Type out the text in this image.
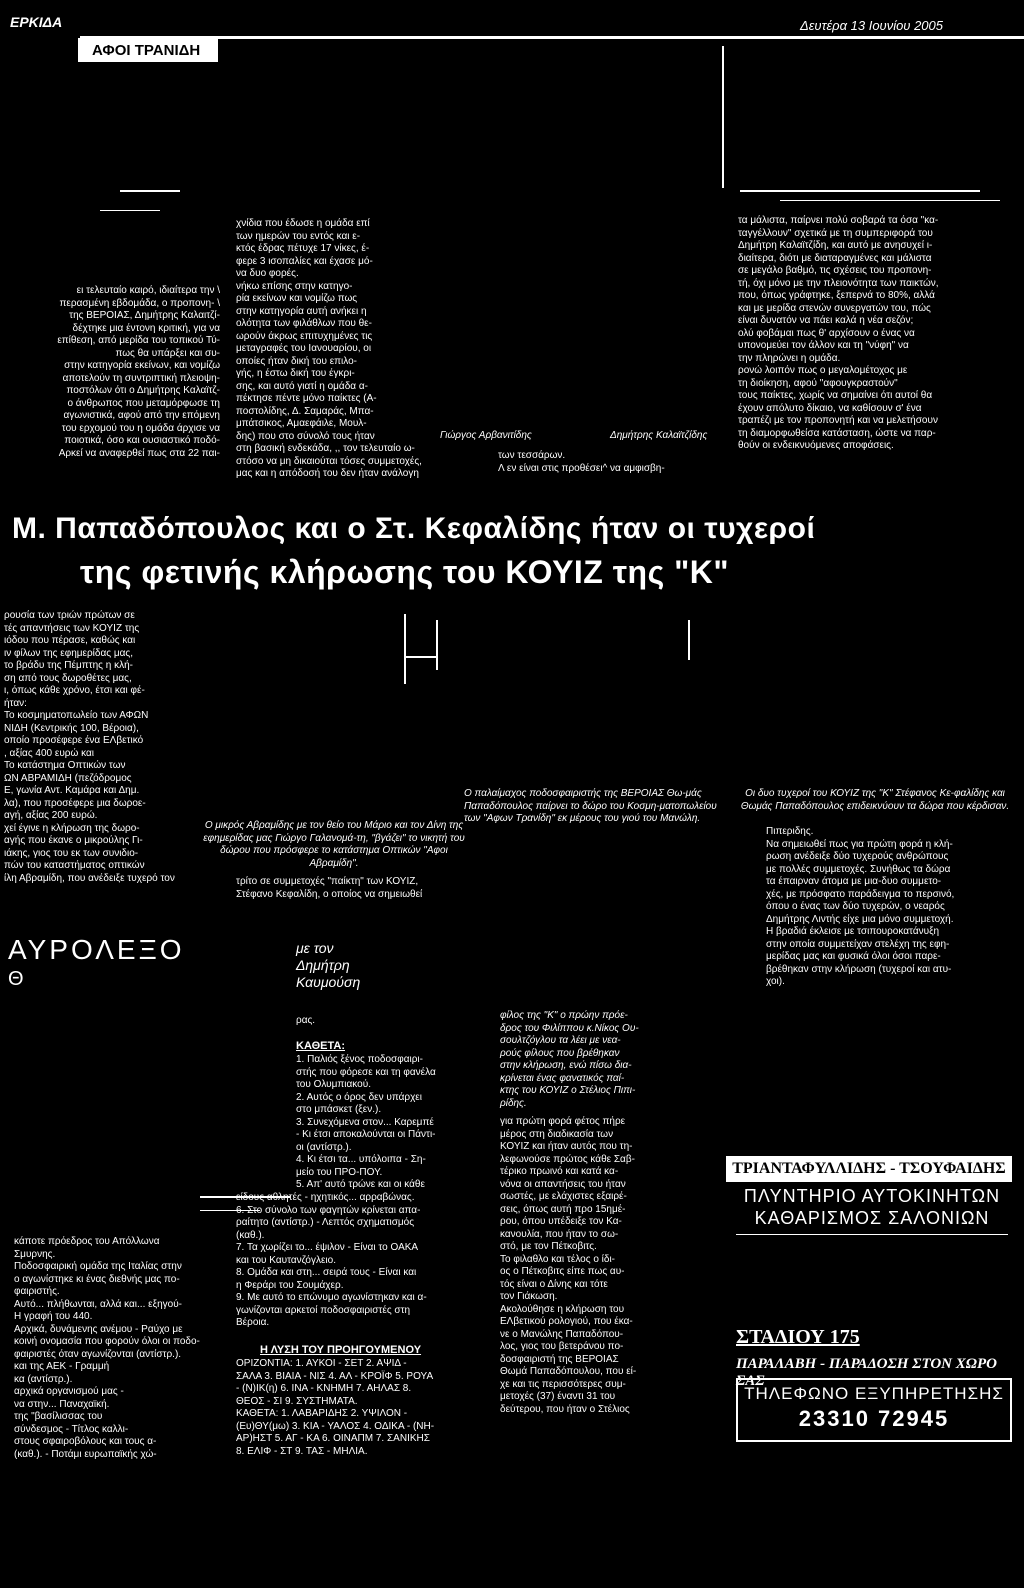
ΕΡΚΙΔΑ	Δευτέρα 13 Ιουνίου 2005
ΑΦΟΙ ΤΡΑΝΙΔΗ
ει τελευταίο καιρό, ιδιαίτερα την \
περασμένη εβδομάδα, ο προπονη- \
της ΒΕΡΟΙΑΣ, Δημήτρης Καλαιτζί-
δέχτηκε μια έντονη κριτική, για να
επίθεση, από μερίδα του τοπικού Τύ-
πως θα υπάρξει και συ-
στην κατηγορία εκείνων, και νομίζω
αποτελούν τη συντριπτική πλειοψη-
ποστόλων ότι ο Δημήτρης Καλαϊτζ-
ο άνθρωπος που μεταμόρφωσε τη
αγωνιστικά, αφού από την επόμενη
του ερχομού του η ομάδα άρχισε να
ποιοτικά, όσο και ουσιαστικό ποδό-
Αρκεί να αναφερθεί πως στα 22 παι-
χνίδια που έδωσε η ομάδα επί
των ημερών του εντός και ε-
κτός έδρας πέτυχε 17 νίκες, έ-
φερε 3 ισοπαλίες και έχασε μό-
να δυο φορές.
νήκω επίσης στην κατηγο-
ρία εκείνων και νομίζω πως
στην κατηγορία αυτή ανήκει η
ολότητα των φιλάθλων που θε-
ωρούν άκρως επιτυχημένες τις
μεταγραφές του Ιανουαρίου, οι
οποίες ήταν δική του επιλο-
γής, η έστω δική του έγκρι-
σης, και αυτό γιατί η ομάδα α-
πέκτησε πέντε μόνο παίκτες (Α-
ποστολίδης, Δ. Σαμαράς, Μπα-
μπάτσικος, Αμαεφάιλε, Μουλ-
δης) που στο σύνολό τους ήταν
στη βασική ενδεκάδα, ,, τον τελευταίο ω-
στόσο να μη δικαιούται τόσες συμμετοχές,
μας και η απόδοσή του δεν ήταν ανάλογη
Γιώργος Αρβανιτίδης	Δημήτρης Καλαϊτζίδης
των τεσσάρων.
Λ εν είναι στις προθέσει^ να αμφισβη-
τα μάλιστα, παίρνει πολύ σοβαρά τα όσα "κα-
ταγγέλλουν" σχετικά με τη συμπεριφορά του
Δημήτρη Καλαϊτζίδη, και αυτό με ανησυχεί ι-
διαίτερα, διότι με διαταραγμένες και μάλιστα
σε μεγάλο βαθμό, τις σχέσεις του προπονη-
τή, όχι μόνο με την πλειονότητα των παικτών,
που, όπως γράφτηκε, ξεπερνά το 80%, αλλά
και με μερίδα στενών συνεργατών του, πώς
είναι δυνατόν να πάει καλά η νέα σεζόν;
ολύ φοβάμαι πως θ' αρχίσουν ο ένας να
υπονομεύει τον άλλον και τη "νύφη" να
την πληρώνει η ομάδα.
ρονώ λοιπόν πως ο μεγαλομέτοχος με
τη διοίκηση, αφού "αφουγκραστούν"
τους παίκτες, χωρίς να σημαίνει ότι αυτοί θα
έχουν απόλυτο δίκαιο, να καθίσουν σ' ένα
τραπέζι με τον προπονητή και να μελετήσουν
τη διαμορφωθείσα κατάσταση, ώστε να παρ-
θούν οι ενδεικνυόμενες αποφάσεις.
Μ. Παπαδόπουλος και ο Στ. Κεφαλίδης ήταν οι τυχεροί
της φετινής κλήρωσης του ΚΟΥΙΖ της "Κ"
ρουσία των τριών πρώτων σε
τές απαντήσεις των ΚΟΥΙΖ της
ιόδου που πέρασε, καθώς και
ιν φίλων της εφημερίδας μας,
το βράδυ της Πέμπτης η κλή-
ση από τους δωροθέτες μας,
ι, όπως κάθε χρόνο, έτσι και φέ-
ήταν:
Το κοσμηματοπωλείο των ΑΦΩΝ
ΝΙΔΗ (Κεντρικής 100, Βέροια),
οποίο προσέφερε ένα ΕΛβετικό
, αξίας 400 ευρώ και
Το κατάστημα Οπτικών των
ΩΝ ΑΒΡΑΜΙΔΗ (πεζόδρομος
Ε, γωνία Αντ. Καμάρα και Δημ.
λα), που προσέφερε μια δωροε-
αγή, αξίας 200 ευρώ.
χεί έγινε η κλήρωση της δωρο-
αγής που έκανε ο μικρούλης Γι-
ιάκης, γιος του εκ των συνιδιο-
πών του καταστήματος οπτικών
ίλη Αβραμίδη, που ανέδειξε τυχερό τον
Ο μικρός Αβραμίδης με τον θείο του Μάριο και τον Δίνη της εφημερίδας μας Γιώργο Γαλανομά-τη, "βγάζει" το νικητή του δώρου που πρόσφερε το κατάστημα Οπτικών "Αφοι Αβραμίδη".
Ο παλαίμαχος ποδοσφαιριστής της ΒΕΡΟΙΑΣ Θω-μάς Παπαδόπουλος παίρνει το δώρο του Κοσμη-ματοπωλείου των "Αφων Τρανίδη" εκ μέρους του γιού του Μανώλη.
Οι δυο τυχεροί του ΚΟΥΙΖ της "Κ" Στέφανος Κε-φαλίδης και Θωμάς Παπαδόπουλος επιδεικνύουν τα δώρα που κέρδισαν.
τρίτο σε συμμετοχές "παίκτη" των ΚΟΥΙΖ,
Στέφανο Κεφαλίδη, ο οποίος να σημειωθεί
Πιπεριδης.
Να σημειωθεί πως για πρώτη φορά η κλή-
ρωση ανέδειξε δύο τυχερούς ανθρώπους
με πολλές συμμετοχές. Συνήθως τα δώρα
τα έπαιρναν άτομα με μια-δυο συμμετο-
χές, με πρόσφατο παράδειγμα το περσινό,
όπου ο ένας των δύο τυχερών, ο νεαρός
Δημήτρης Λιντής είχε μια μόνο συμμετοχή.
Η βραδιά έκλεισε με τσιπουροκατάνυξη
στην οποία συμμετείχαν στελέχη της εφη-
μερίδας μας και φυσικά όλοι όσοι παρε-
βρέθηκαν στην κλήρωση (τυχεροί και ατυ-
χοι).
ΑΥΡΟΛΕΞΟ
Θ
με τον
Δημήτρη
Καυμούση
ρας.
ΚΑΘΕΤΑ:
1. Παλιός ξένος ποδοσφαιρι-
στής που φόρεσε και τη φανέλα
του Ολυμπιακού.
2. Αυτός ο όρος δεν υπάρχει
στο μπάσκετ (ξεν.).
3. Συνεχόμενα στον... Καρεμπέ
- Κι έτσι αποκαλούνται οι Πάντι-
οι (αντίστρ.).
4. Κι έτσι τα... υπόλοιπα - Ση-
μείο του ΠΡΟ-ΠΟΥ.
5. Απ' αυτό τρώνε και οι κάθε
είδους αθλητές - ηχητικός... αρραβώνας.
6. Στο σύνολο των φαγητών κρίνεται απα-
ραίτητο (αντίστρ.) - Λεπτός σχηματισμός
(καθ.).
7. Τα χωρίζει το... έψιλον - Είναι το ΟΑΚΑ
και του Καυτανζόγλειο.
8. Ομάδα και στη... σειρά τους - Είναι και
η Φεράρι του Σουμάχερ.
9. Με αυτό το επώνυμο αγωνίστηκαν και α-
γωνίζονται αρκετοί ποδοσφαιριστές στη
Βέροια.
Η ΛΥΣΗ ΤΟΥ ΠΡΟΗΓΟΥΜΕΝΟΥ
ΟΡΙΖΟΝΤΙΑ: 1. ΑΥΚΟΙ - ΣΕΤ 2. ΑΨΙΔ -
ΣΑΛΑ 3. ΒΙΑΙΑ - ΝΙΣ 4. ΑΛ - ΚΡΟΪΦ 5. ΡΟΥΑ
- (Ν)ΙΚ(η) 6. ΙΝΑ - ΚΝΗΜΗ 7. ΑΗΛΑΣ 8.
ΘΕΟΣ - ΣΙ 9. ΣΥΣΤΗΜΑΤΑ.
ΚΑΘΕΤΑ: 1. ΛΑΒΑΡΙΔΗΣ 2. ΥΨΙΛΟΝ -
(Ευ)ΘΥ(μω) 3. ΚΙΑ - ΥΑΛΟΣ 4. ΟΔΙΚΑ - (ΝΗ-
ΑΡ)ΗΣΤ 5. ΑΓ - ΚΑ 6. ΟΙΝΑΠΜ 7. ΣΑΝΙΚΗΣ
8. ΕΛΙΦ - ΣΤ 9. ΤΑΣ - ΜΗΛΙΑ.
κάποτε πρόεδρος του Απόλλωνα
Σμυρνης.
Ποδοσφαιρική ομάδα της Ιταλίας στην
ο αγωνίστηκε κι ένας διεθνής μας πο-
φαιριστής.
Αυτό... πλήθωνται, αλλά και... εξηγού-
Η γραφή του 440.
Αρχικά, δυνάμενης ανέμου - Ραύχο με
κοινή ονομασία που φορούν όλοι οι ποδο-
φαιριστές όταν αγωνίζονται (αντίστρ.).
και της ΑΕΚ - Γραμμή
κα (αντίστρ.).
αρχικά οργανισμού μας -
να στην... Παναχαϊκή.
της "βασίλισσας του
σύνδεσμος - Τίτλος καλλι-
στους σφαιροβόλους και τους α-
(καθ.). - Ποτάμι ευρωπαϊκής χώ-
φίλος της "Κ" ο πρώην πρόε-
δρος του Φιλίππου κ.Νίκος Ου-
σουλτζόγλου τα λέει με νεα-
ρούς φίλους που βρέθηκαν
στην κλήρωση, ενώ πίσω δια-
κρίνεται ένας φανατικός παί-
κτης του ΚΟΥΙΖ ο Στέλιος Πιπι-
ρίδης.
για πρώτη φορά φέτος πήρε
μέρος στη διαδικασία των
ΚΟΥΙΖ και ήταν αυτός που τη-
λεφωνούσε πρώτος κάθε Σαβ-
τέρικο πρωινό και κατά κα-
νόνα οι απαντήσεις του ήταν
σωστές, με ελάχιστες εξαιρέ-
σεις, όπως αυτή προ 15ημέ-
ρου, όπου υπέδειξε τον Κα-
κανουλία, που ήταν το σω-
στό, με τον Πέτκοβιτς.
Το φιλαθλο και τέλος ο ίδι-
ος ο Πέτκοβιτς είπε πως αυ-
τός είναι ο Δίνης και τότε
τον Γιάκωση.
Ακολούθησε η κλήρωση του
ΕΛβετικού ρολογιού, που έκα-
νε ο Μανώλης Παπαδόπου-
λος, γιος του βετεράνου πο-
δοσφαιριστή της ΒΕΡΟΙΑΣ
Θωμά Παπαδόπουλου, που εί-
χε και τις περισσότερες συμ-
μετοχές (37) έναντι 31 του
δεύτερου, που ήταν ο Στέλιος
ΤΡΙΑΝΤΑΦΥΛΛΙΔΗΣ - ΤΣΟΥΦΑΙΔΗΣ
ΠΛΥΝΤΗΡΙΟ ΑΥΤΟΚΙΝΗΤΩΝ
ΚΑΘΑΡΙΣΜΟΣ ΣΑΛΟΝΙΩΝ
ΣΤΑΔΙΟΥ 175
ΠΑΡΑΛΑΒΗ - ΠΑΡΑΔΟΣΗ ΣΤΟΝ ΧΩΡΟ ΣΑΣ
ΤΗΛΕΦΩΝΟ ΕΞΥΠΗΡΕΤΗΣΗΣ
23310 72945
